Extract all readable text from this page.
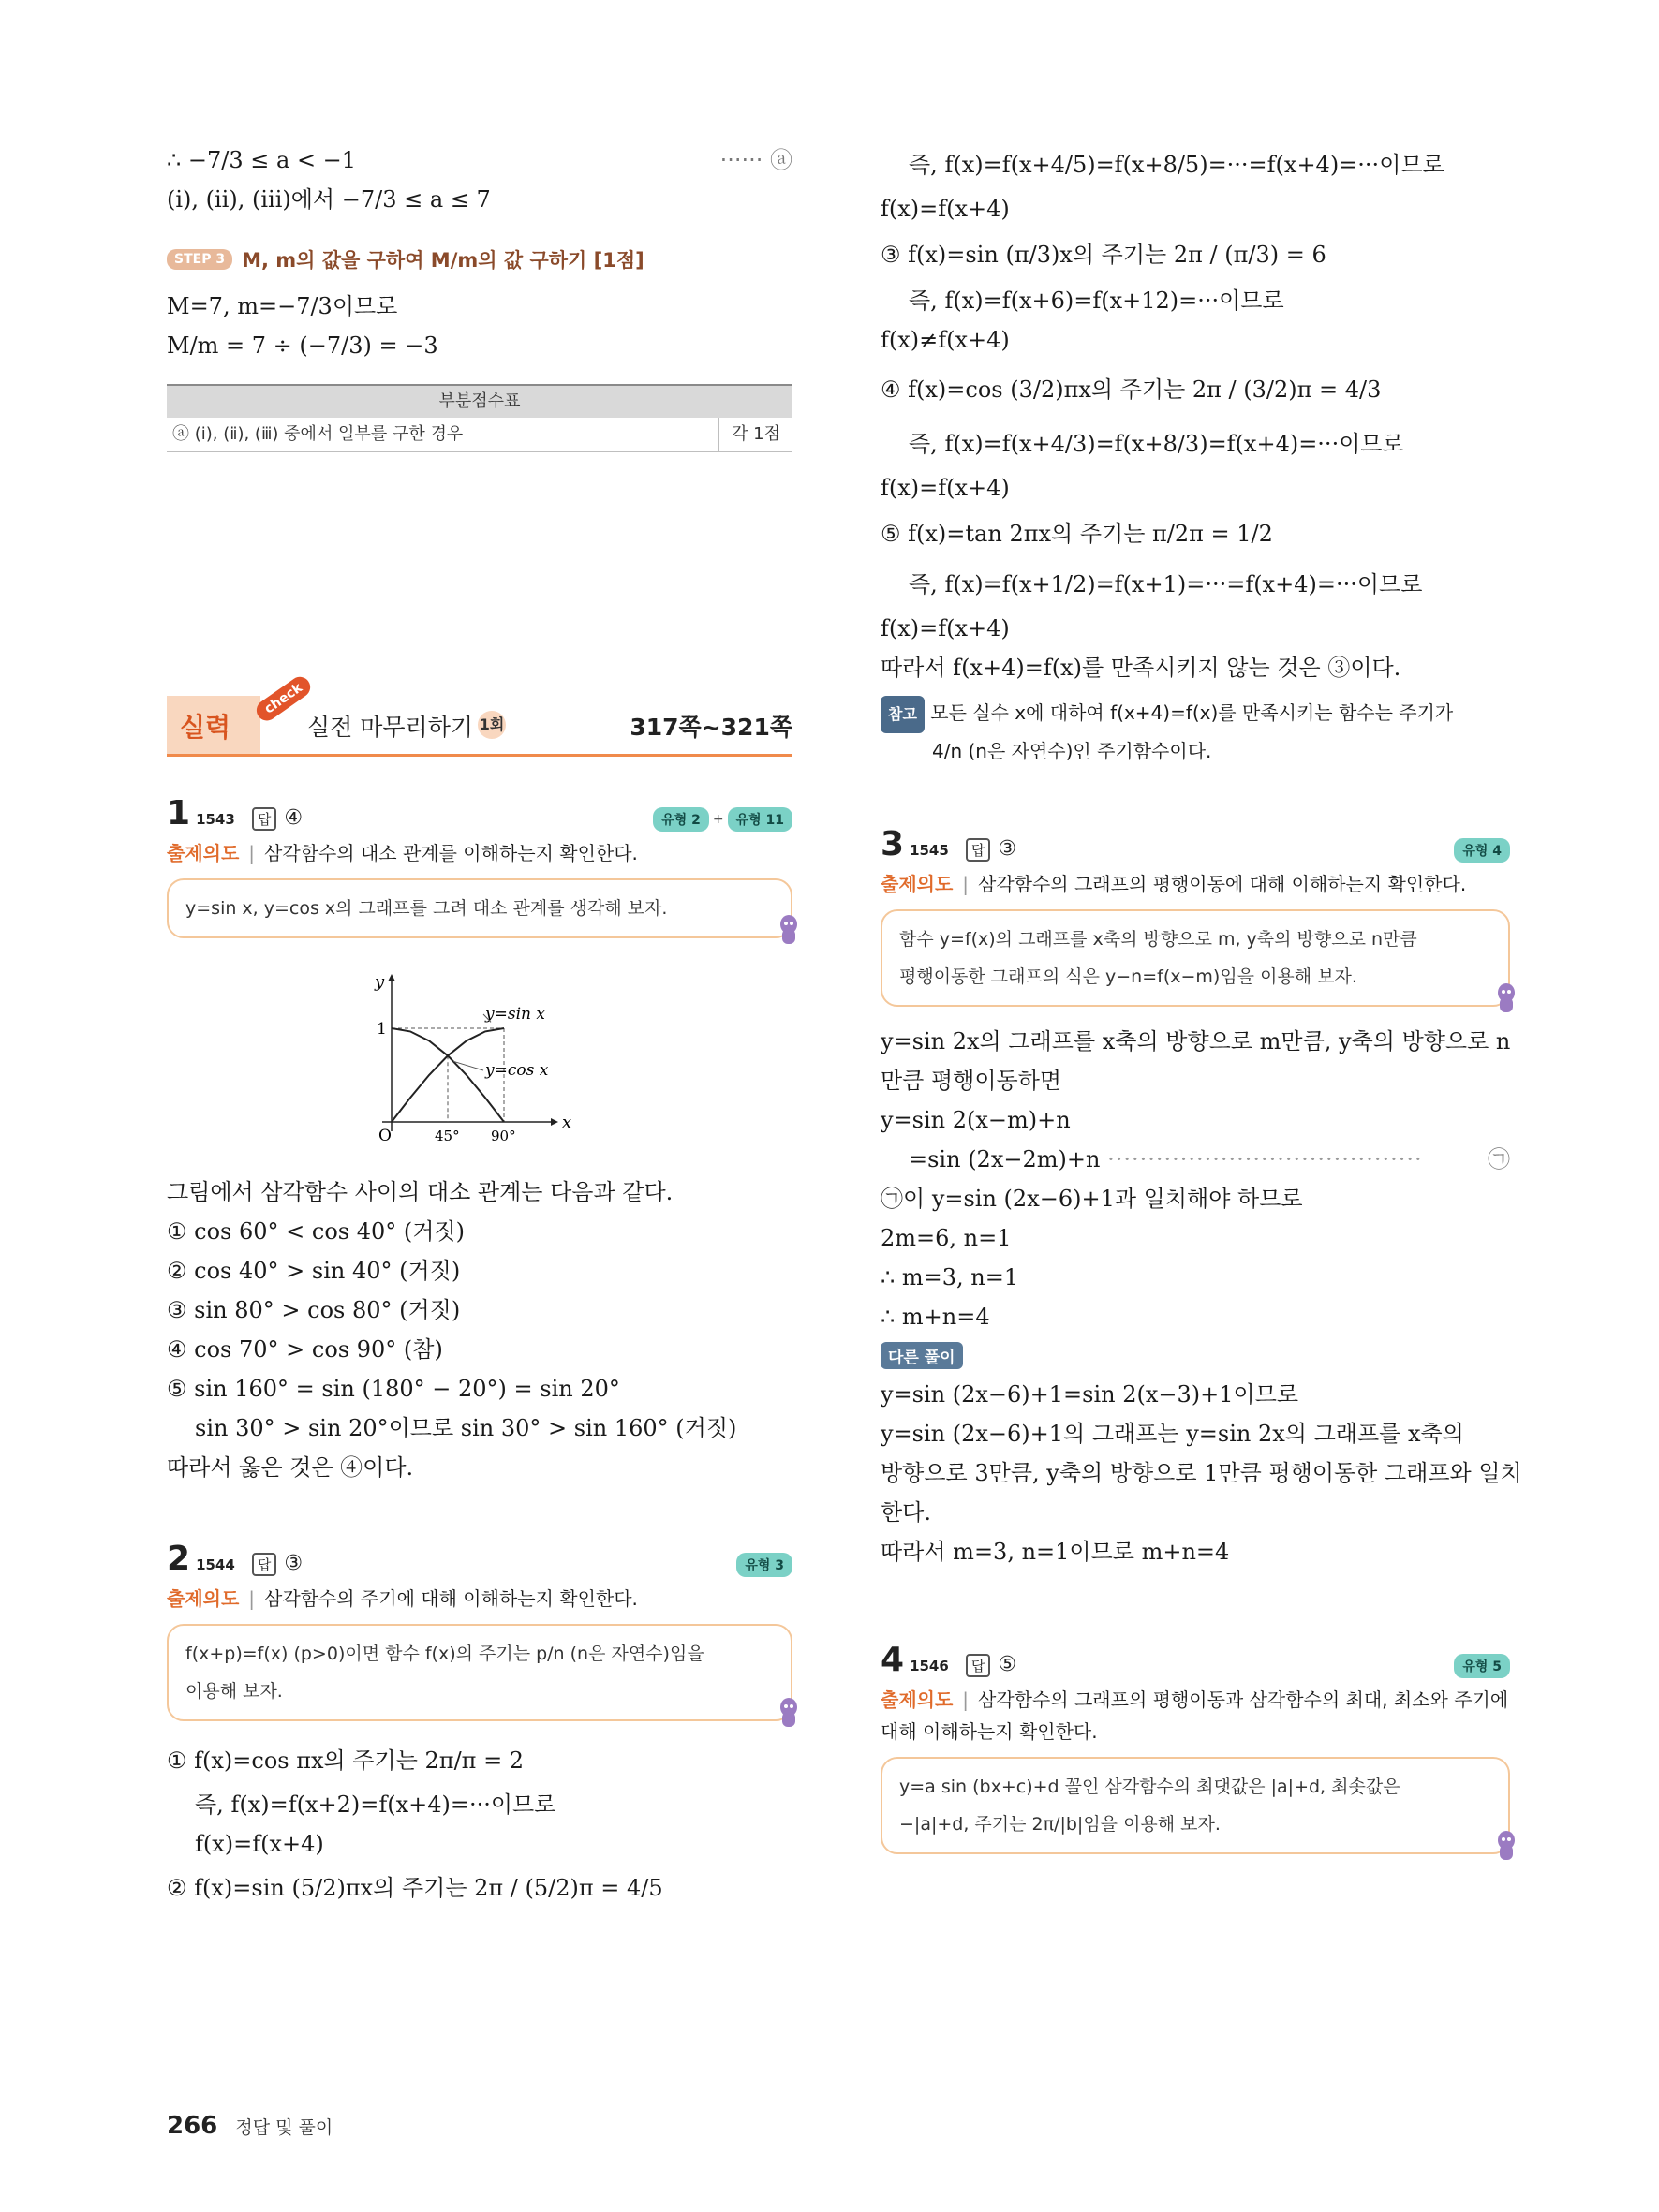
∴ −7/3 ≤ a < −1	······ ⓐ
(ⅰ), (ⅱ), (ⅲ)에서 −7/3 ≤ a ≤ 7
STEP 3 M, m의 값을 구하여 M/m의 값 구하기 [1점]
M=7, m=−7/3이므로
M/m = 7 ÷ (−7/3) = −3
부분점수표
ⓐ (ⅰ), (ⅱ), (ⅲ) 중에서 일부를 구한 경우	각 1점
실력
check
실전 마무리하기 1회	317쪽~321쪽
1 1543	답 ④	유형 2 + 유형 11
출제의도 | 삼각함수의 대소 관계를 이해하는지 확인한다.
y=sin x, y=cos x의 그래프를 그려 대소 관계를 생각해 보자.
y=sin x
y=cos x
O	45° 90°
1
x
y
그림에서 삼각함수 사이의 대소 관계는 다음과 같다.
① cos 60° < cos 40° (거짓)
② cos 40° > sin 40° (거짓)
③ sin 80° > cos 80° (거짓)
④ cos 70° > cos 90° (참)
⑤ sin 160° = sin (180° − 20°) = sin 20°
sin 30° > sin 20°이므로 sin 30° > sin 160° (거짓)
따라서 옳은 것은 ④이다.
2 1544	답 ③	유형 3
출제의도 | 삼각함수의 주기에 대해 이해하는지 확인한다.
f(x+p)=f(x) (p>0)이면 함수 f(x)의 주기는 p/n (n은 자연수)임을
이용해 보자.
① f(x)=cos πx의 주기는 2π/π = 2
즉, f(x)=f(x+2)=f(x+4)=···이므로
f(x)=f(x+4)
② f(x)=sin (5/2)πx의 주기는 2π / (5/2)π = 4/5
즉, f(x)=f(x+4/5)=f(x+8/5)=···=f(x+4)=···이므로
f(x)=f(x+4)
③ f(x)=sin (π/3)x의 주기는 2π / (π/3) = 6
즉, f(x)=f(x+6)=f(x+12)=···이므로
f(x)≠f(x+4)
④ f(x)=cos (3/2)πx의 주기는 2π / (3/2)π = 4/3
즉, f(x)=f(x+4/3)=f(x+8/3)=f(x+4)=···이므로
f(x)=f(x+4)
⑤ f(x)=tan 2πx의 주기는 π/2π = 1/2
즉, f(x)=f(x+1/2)=f(x+1)=···=f(x+4)=···이므로
f(x)=f(x+4)
따라서 f(x+4)=f(x)를 만족시키지 않는 것은 ③이다.
참고 모든 실수 x에 대하여 f(x+4)=f(x)를 만족시키는 함수는 주기가
4/n (n은 자연수)인 주기함수이다.
3 1545	답 ③	유형 4
출제의도 | 삼각함수의 그래프의 평행이동에 대해 이해하는지 확인한다.
함수 y=f(x)의 그래프를 x축의 방향으로 m, y축의 방향으로 n만큼
평행이동한 그래프의 식은 y−n=f(x−m)임을 이용해 보자.
y=sin 2x의 그래프를 x축의 방향으로 m만큼, y축의 방향으로 n
만큼 평행이동하면
y=sin 2(x−m)+n
=sin (2x−2m)+n ·······································	㉠
㉠이 y=sin (2x−6)+1과 일치해야 하므로
2m=6, n=1
∴ m=3, n=1
∴ m+n=4
다른 풀이
y=sin (2x−6)+1=sin 2(x−3)+1이므로
y=sin (2x−6)+1의 그래프는 y=sin 2x의 그래프를 x축의
방향으로 3만큼, y축의 방향으로 1만큼 평행이동한 그래프와 일치
한다.
따라서 m=3, n=1이므로 m+n=4
4 1546	답 ⑤	유형 5
출제의도 | 삼각함수의 그래프의 평행이동과 삼각함수의 최대, 최소와 주기에
대해 이해하는지 확인한다.
y=a sin (bx+c)+d 꼴인 삼각함수의 최댓값은 |a|+d, 최솟값은
−|a|+d, 주기는 2π/|b|임을 이용해 보자.
266 정답 및 풀이
